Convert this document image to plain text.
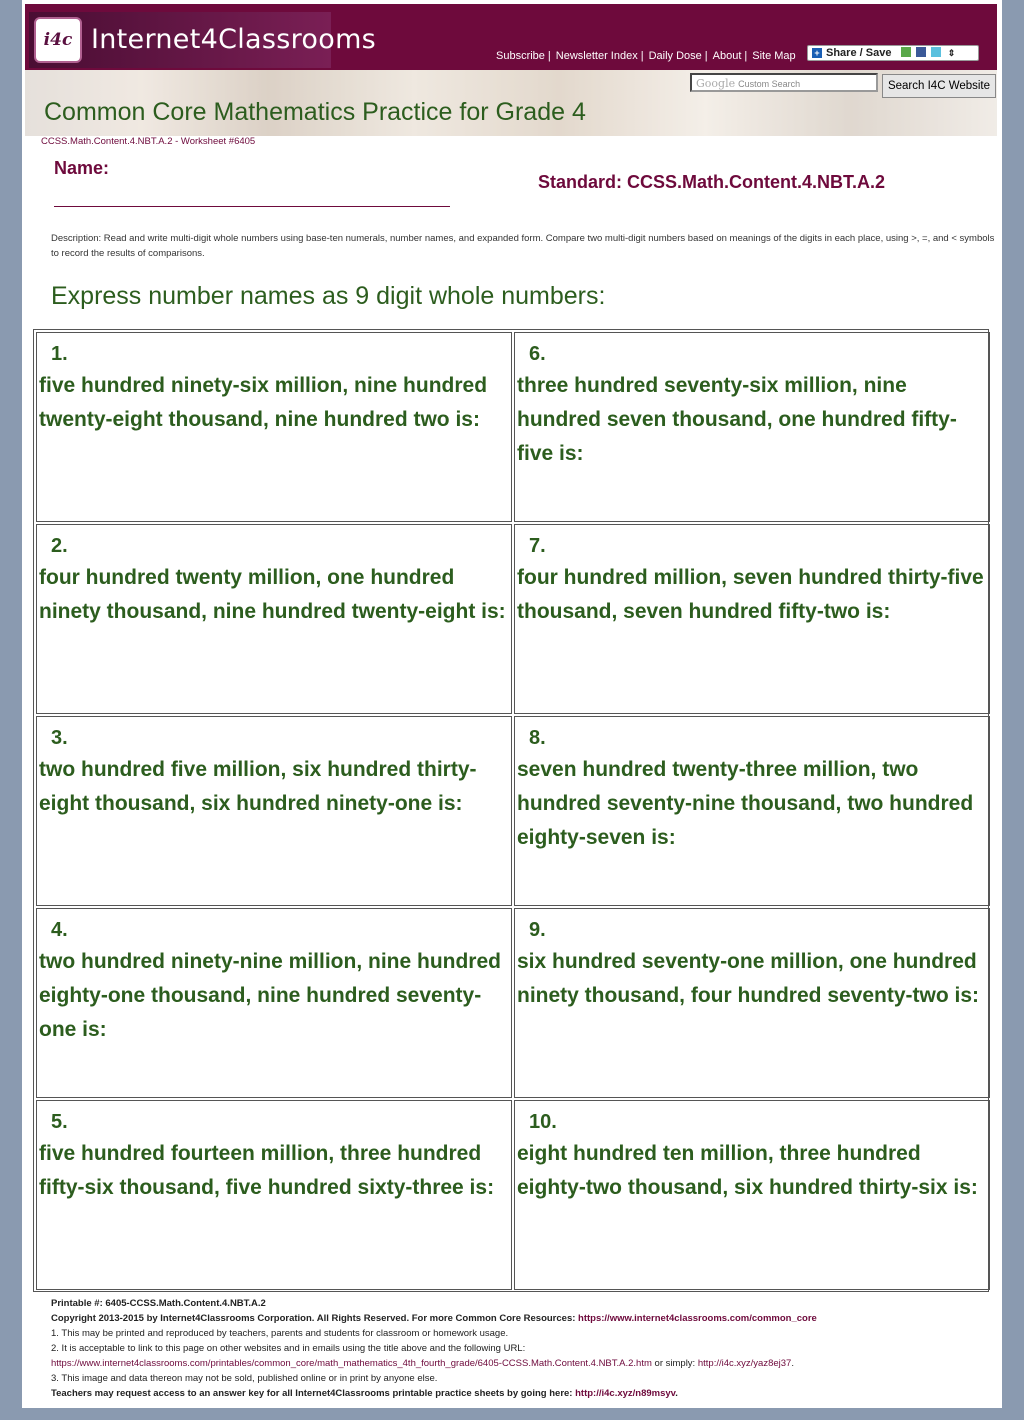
i4c Internet4Classrooms
Subscribe | Newsletter Index | Daily Dose | About | Site Map	+ Share / Save	⇕
Google Custom Search	Search I4C Website
Common Core Mathematics Practice for Grade 4
CCSS.Math.Content.4.NBT.A.2 - Worksheet #6405
Name:
Standard: CCSS.Math.Content.4.NBT.A.2
Description: Read and write multi-digit whole numbers using base-ten numerals, number names, and expanded form. Compare two multi-digit numbers based on meanings of the digits in each place, using >, =, and < symbols to record the results of comparisons.
Express number names as 9 digit whole numbers:
1.
five hundred ninety-six million, nine hundred twenty-eight thousand, nine hundred two is:
6.
three hundred seventy-six million, nine hundred seven thousand, one hundred fifty-five is:
2.
four hundred twenty million, one hundred ninety thousand, nine hundred twenty-eight is:
7.
four hundred million, seven hundred thirty-five thousand, seven hundred fifty-two is:
3.
two hundred five million, six hundred thirty-eight thousand, six hundred ninety-one is:
8.
seven hundred twenty-three million, two hundred seventy-nine thousand, two hundred eighty-seven is:
4.
two hundred ninety-nine million, nine hundred eighty-one thousand, nine hundred seventy-one is:
9.
six hundred seventy-one million, one hundred ninety thousand, four hundred seventy-two is:
5.
five hundred fourteen million, three hundred fifty-six thousand, five hundred sixty-three is:
10.
eight hundred ten million, three hundred eighty-two thousand, six hundred thirty-six is:
Printable #: 6405-CCSS.Math.Content.4.NBT.A.2
Copyright 2013-2015 by Internet4Classrooms Corporation. All Rights Reserved. For more Common Core Resources: https://www.internet4classrooms.com/common_core
1. This may be printed and reproduced by teachers, parents and students for classroom or homework usage.
2. It is acceptable to link to this page on other websites and in emails using the title above and the following URL:
https://www.internet4classrooms.com/printables/common_core/math_mathematics_4th_fourth_grade/6405-CCSS.Math.Content.4.NBT.A.2.htm or simply: http://i4c.xyz/yaz8ej37.
3. This image and data thereon may not be sold, published online or in print by anyone else.
Teachers may request access to an answer key for all Internet4Classrooms printable practice sheets by going here: http://i4c.xyz/n89msyv.
